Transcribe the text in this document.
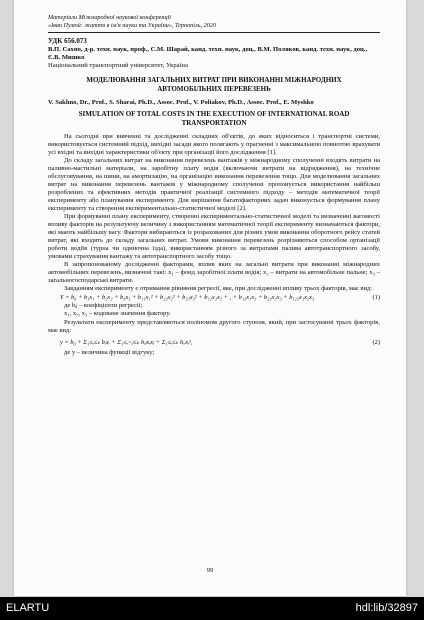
Матеріали Міжнародної наукової конференції
«Іван Пулюй: життя в ім'я науки та України», Тернопіль, 2020
УДК 656.073
В.П. Сахно, д-р. техн. наук, проф., С.М. Шарай, канд. техн. наук, доц., В.М. Поляков, канд. техн. наук, доц., Є.В. Мишко
Національний транспортний університет, Україна
МОДЕЛЮВАННЯ ЗАГАЛЬНИХ ВИТРАТ ПРИ ВИКОНАННІ МІЖНАРОДНИХ АВТОМОБІЛЬНИХ ПЕРЕВЕЗЕНЬ
V. Sakhno, Dr., Prof., S. Sharai, Ph.D., Assoc. Prof., V. Poliakov, Ph.D., Assoc. Prof., E. Myshko
SIMULATION OF TOTAL COSTS IN THE EXECUTION OF INTERNATIONAL ROAD TRANSPORTATION

На сьогодні при вивченні та дослідженні складних об'єктів, до яких відноситься і транспортні системи, використовується системний підхід, вихідні засади якого полягають у прагненні з максимальною повнотою врахувати усі вхідні та вихідні характеристики об'єкту при організації його дослідження [1].

До складу загальних витрат на виконання перевезень вантажів у міжнародному сполученні входять витрати на паливно-мастильні матеріали, на заробітну плату водія (включаючи витрати на відрядження), на технічне обслуговування, на шини, на амортизацію, на організацію виконання перевезення тощо. Для моделювання загальних витрат на виконання перевезень вантажів у міжнародному сполученні пропонується використання найбільш розроблених та ефективних методів практичної реалізації системного підходу – методів математичної теорії експерименту або планування експерименту. Для вирішення багатофакторних задач виконується формування плану експерименту та створення експериментально-статистичної моделі [2].

При формуванні плану експерименту, створенні експериментально-статистичної моделі та визначенні вагомості впливу факторів на результуючу величину з використанням математичної теорії експерименту визначаються фактори, які мають найбільшу вагу. Фактори вибираються із розрахованих для різних умов виконання оборотного рейсу статей витрат, які входять до складу загальних витрат. Умови виконання перевезень розрізняються способом організації роботи водіїв (турна чи одиночна їзда), використанням різного за витратами палива автотранспортного засобу, умовами страхування вантажу та автотранспортного засобу тощо.

В запропонованому дослідженні факторами, вплив яких на загальні витрати при виконанні міжнародних автомобільних перевезень, визначені такі: x₁ – фонд заробітної плати водія; x₂ – витрати на автомобільне пальне; x₃ – загальногосподарські витрати.

Завданням експерименту є отримання рівняння регресії, яке, при дослідженні впливу трьох факторів, має вид:

Y = b₀ + b₁x₁ + b₂x₂ + b₃x₃ + b₁₁x₁² + b₂₂x₂² + b₃₃x₃² + b₁₂x₁x₂ + , + b₁₃x₁x₃ + b₂₃x₂x₃ + b₁₂₃x₁x₂x₃	(1)
де bᵢⱼ – коефіцієнти регресії;
x₁, x₂, x₃ – кодоване значення фактору.

Результати експерименту представляються поліномом другого ступеня, який, при застосуванні трьох факторів, має вид:

y = b₀ + Σ₁≤ᵢ≤ₖ bᵢxᵢ + Σ₁≤ᵢ<ⱼ≤ₖ bᵢⱼxᵢxⱼ + Σ₁≤ᵢ≤ₖ bᵢᵢxᵢ²,	(2)
де y – величина функції відгуку;
99
ELARTU	hdl:lib/32897
